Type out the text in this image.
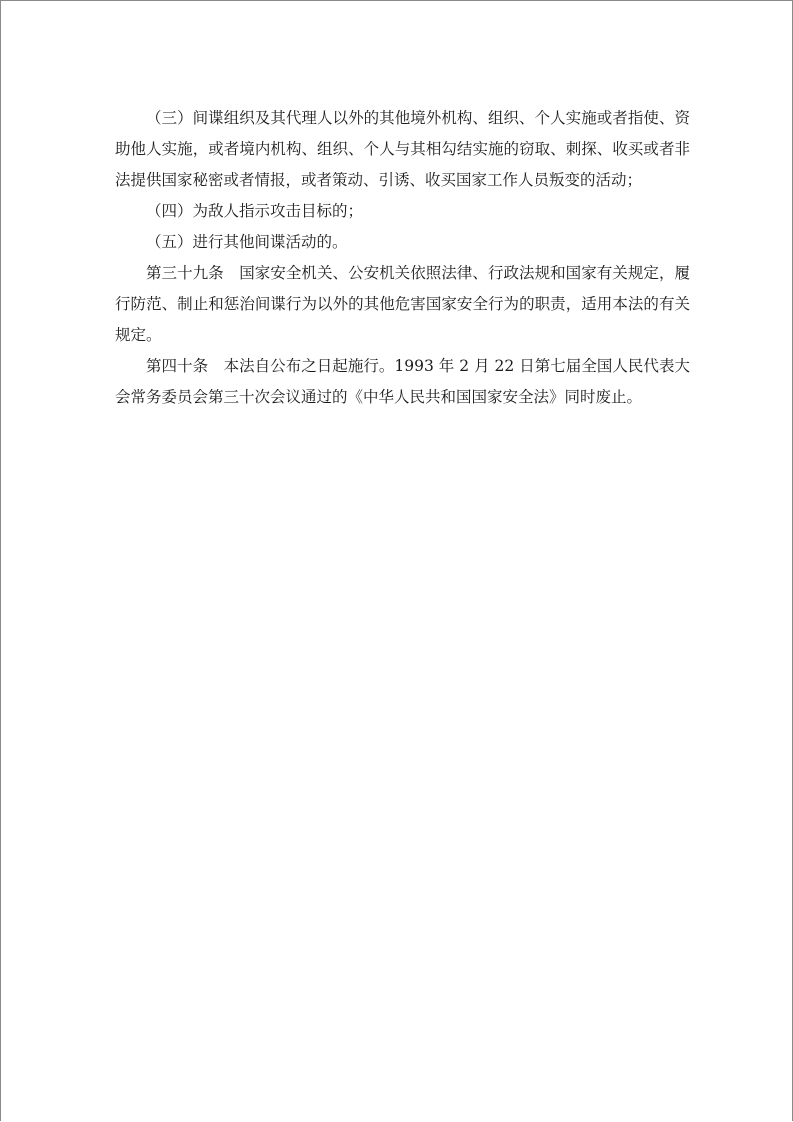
（三）间谍组织及其代理人以外的其他境外机构、组织、个人实施或者指使、资助他人实施，或者境内机构、组织、个人与其相勾结实施的窃取、刺探、收买或者非法提供国家秘密或者情报，或者策动、引诱、收买国家工作人员叛变的活动；

（四）为敌人指示攻击目标的；

（五）进行其他间谍活动的。

第三十九条 国家安全机关、公安机关依照法律、行政法规和国家有关规定，履行防范、制止和惩治间谍行为以外的其他危害国家安全行为的职责，适用本法的有关规定。

第四十条 本法自公布之日起施行。1993 年 2 月 22 日第七届全国人民代表大会常务委员会第三十次会议通过的《中华人民共和国国家安全法》同时废止。
